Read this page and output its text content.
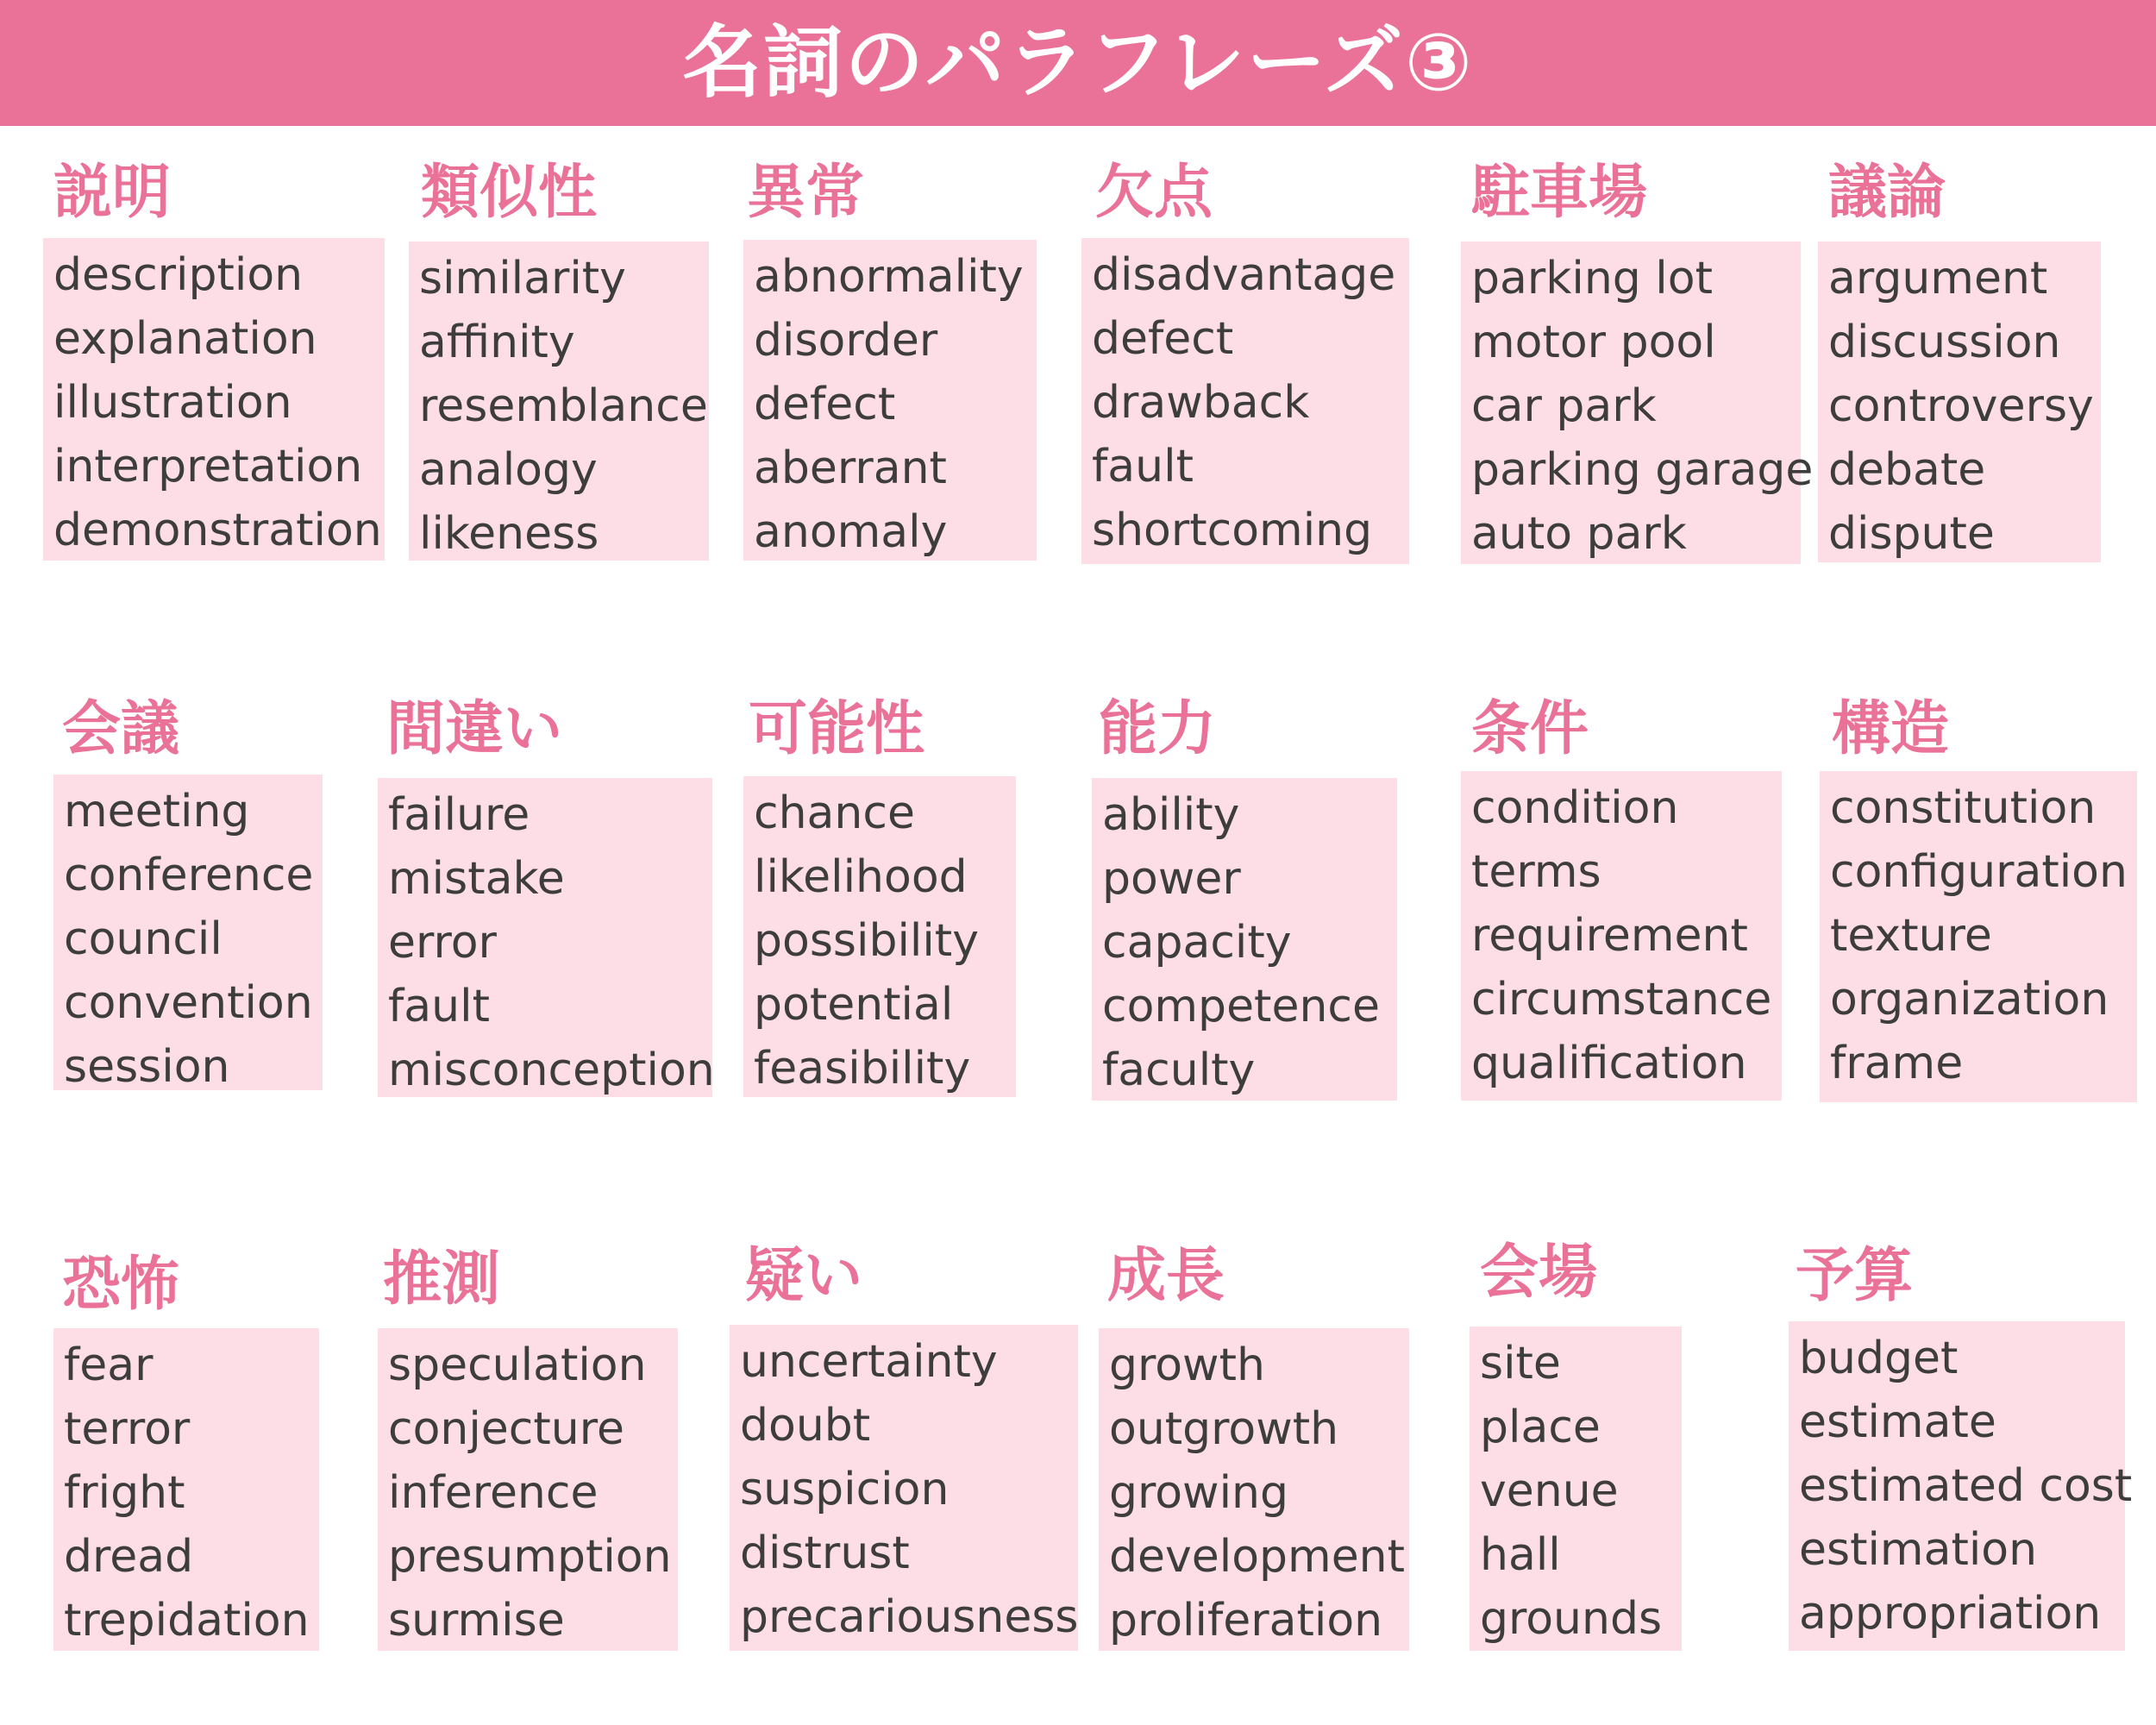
名詞のパラフレーズ③
説明
description
explanation
illustration
interpretation
demonstration
類似性
similarity
affinity
resemblance
analogy
likeness
異常
abnormality
disorder
defect
aberrant
anomaly
欠点
disadvantage
defect
drawback
fault
shortcoming
駐車場
parking lot
motor pool
car park
parking garage
auto park
議論
argument
discussion
controversy
debate
dispute
会議
meeting
conference
council
convention
session
間違い
failure
mistake
error
fault
misconception
可能性
chance
likelihood
possibility
potential
feasibility
能力
ability
power
capacity
competence
faculty
条件
condition
terms
requirement
circumstance
qualification
構造
constitution
configuration
texture
organization
frame
恐怖
fear
terror
fright
dread
trepidation
推測
speculation
conjecture
inference
presumption
surmise
疑い
uncertainty
doubt
suspicion
distrust
precariousness
成長
growth
outgrowth
growing
development
proliferation
会場
site
place
venue
hall
grounds
予算
budget
estimate
estimated cost
estimation
appropriation
